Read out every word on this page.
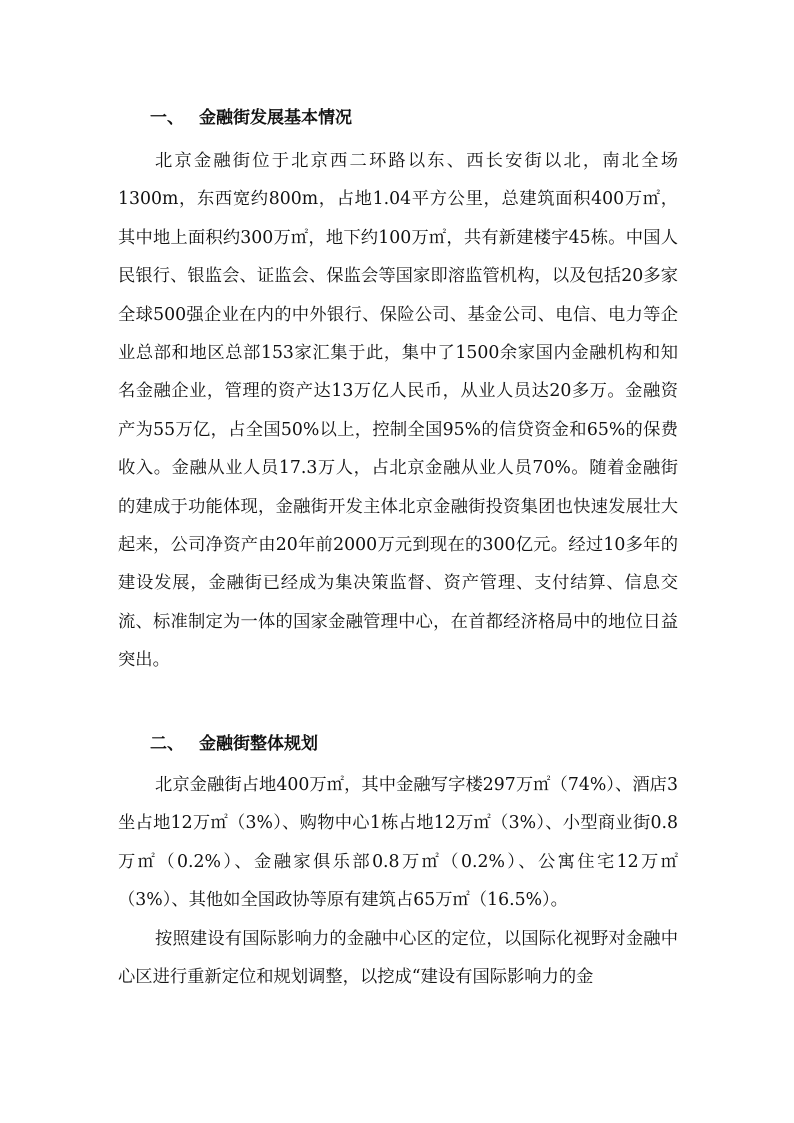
一、 金融街发展基本情况
北京金融街位于北京西二环路以东、西长安街以北，南北全场1300m，东西宽约800m，占地1.04平方公里，总建筑面积400万㎡，其中地上面积约300万㎡，地下约100万㎡，共有新建楼宇45栋。中国人民银行、银监会、证监会、保监会等国家即溶监管机构，以及包括20多家全球500强企业在内的中外银行、保险公司、基金公司、电信、电力等企业总部和地区总部153家汇集于此，集中了1500余家国内金融机构和知名金融企业，管理的资产达13万亿人民币，从业人员达20多万。金融资产为55万亿，占全国50%以上，控制全国95%的信贷资金和65%的保费收入。金融从业人员17.3万人，占北京金融从业人员70%。随着金融街的建成于功能体现，金融街开发主体北京金融街投资集团也快速发展壮大起来，公司净资产由20年前2000万元到现在的300亿元。经过10多年的建设发展，金融街已经成为集决策监督、资产管理、支付结算、信息交流、标准制定为一体的国家金融管理中心，在首都经济格局中的地位日益突出。
二、 金融街整体规划
北京金融街占地400万㎡，其中金融写字楼297万㎡（74%）、酒店3坐占地12万㎡（3%）、购物中心1栋占地12万㎡（3%）、小型商业街0.8万㎡（0.2%）、金融家俱乐部0.8万㎡（0.2%）、公寓住宅12万㎡（3%）、其他如全国政协等原有建筑占65万㎡（16.5%）。
按照建设有国际影响力的金融中心区的定位，以国际化视野对金融中心区进行重新定位和规划调整，以挖成“建设有国际影响力的金
